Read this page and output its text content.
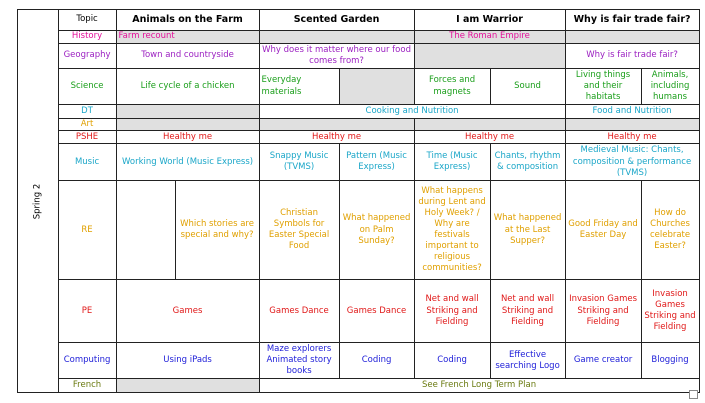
Spring 2	Topic	Animals on the Farm		Scented Garden		I am Warrior		Why is fair trade fair?	
	History	Farm recount				The Roman Empire			
	Geography	Town and countryside		Why does it matter where our food comes from?				Why is fair trade fair?	
	Science	Life cycle of a chicken		Everyday materials		Forces and magnets	Sound	Living things and their habitats	Animals, including humans
	DT			Cooking and Nutrition				Food and Nutrition	
	Art								
	PSHE	Healthy me		Healthy me		Healthy me		Healthy me	
	Music	Working World (Music Express)		Snappy Music (TVMS)	Pattern (Music Express)	Time (Music Express)	Chants, rhythm & composition	Medieval Music: Chants, composition & performance (TVMS)	
	RE		Which stories are special and why?	Christian Symbols for Easter Special Food	What happened on Palm Sunday?	What happens during Lent and Holy Week? / Why are festivals important to religious communities?	What happened at the Last Supper?	Good Friday and Easter Day	How do Churches celebrate Easter?
	PE	Games		Games Dance	Games Dance	Net and wall Striking and Fielding	Net and wall Striking and Fielding	Invasion Games Striking and Fielding	Invasion Games Striking and Fielding
	Computing	Using iPads		Maze explorers Animated story books	Coding	Coding	Effective searching Logo	Game creator	Blogging
	French			See French Long Term Plan					
